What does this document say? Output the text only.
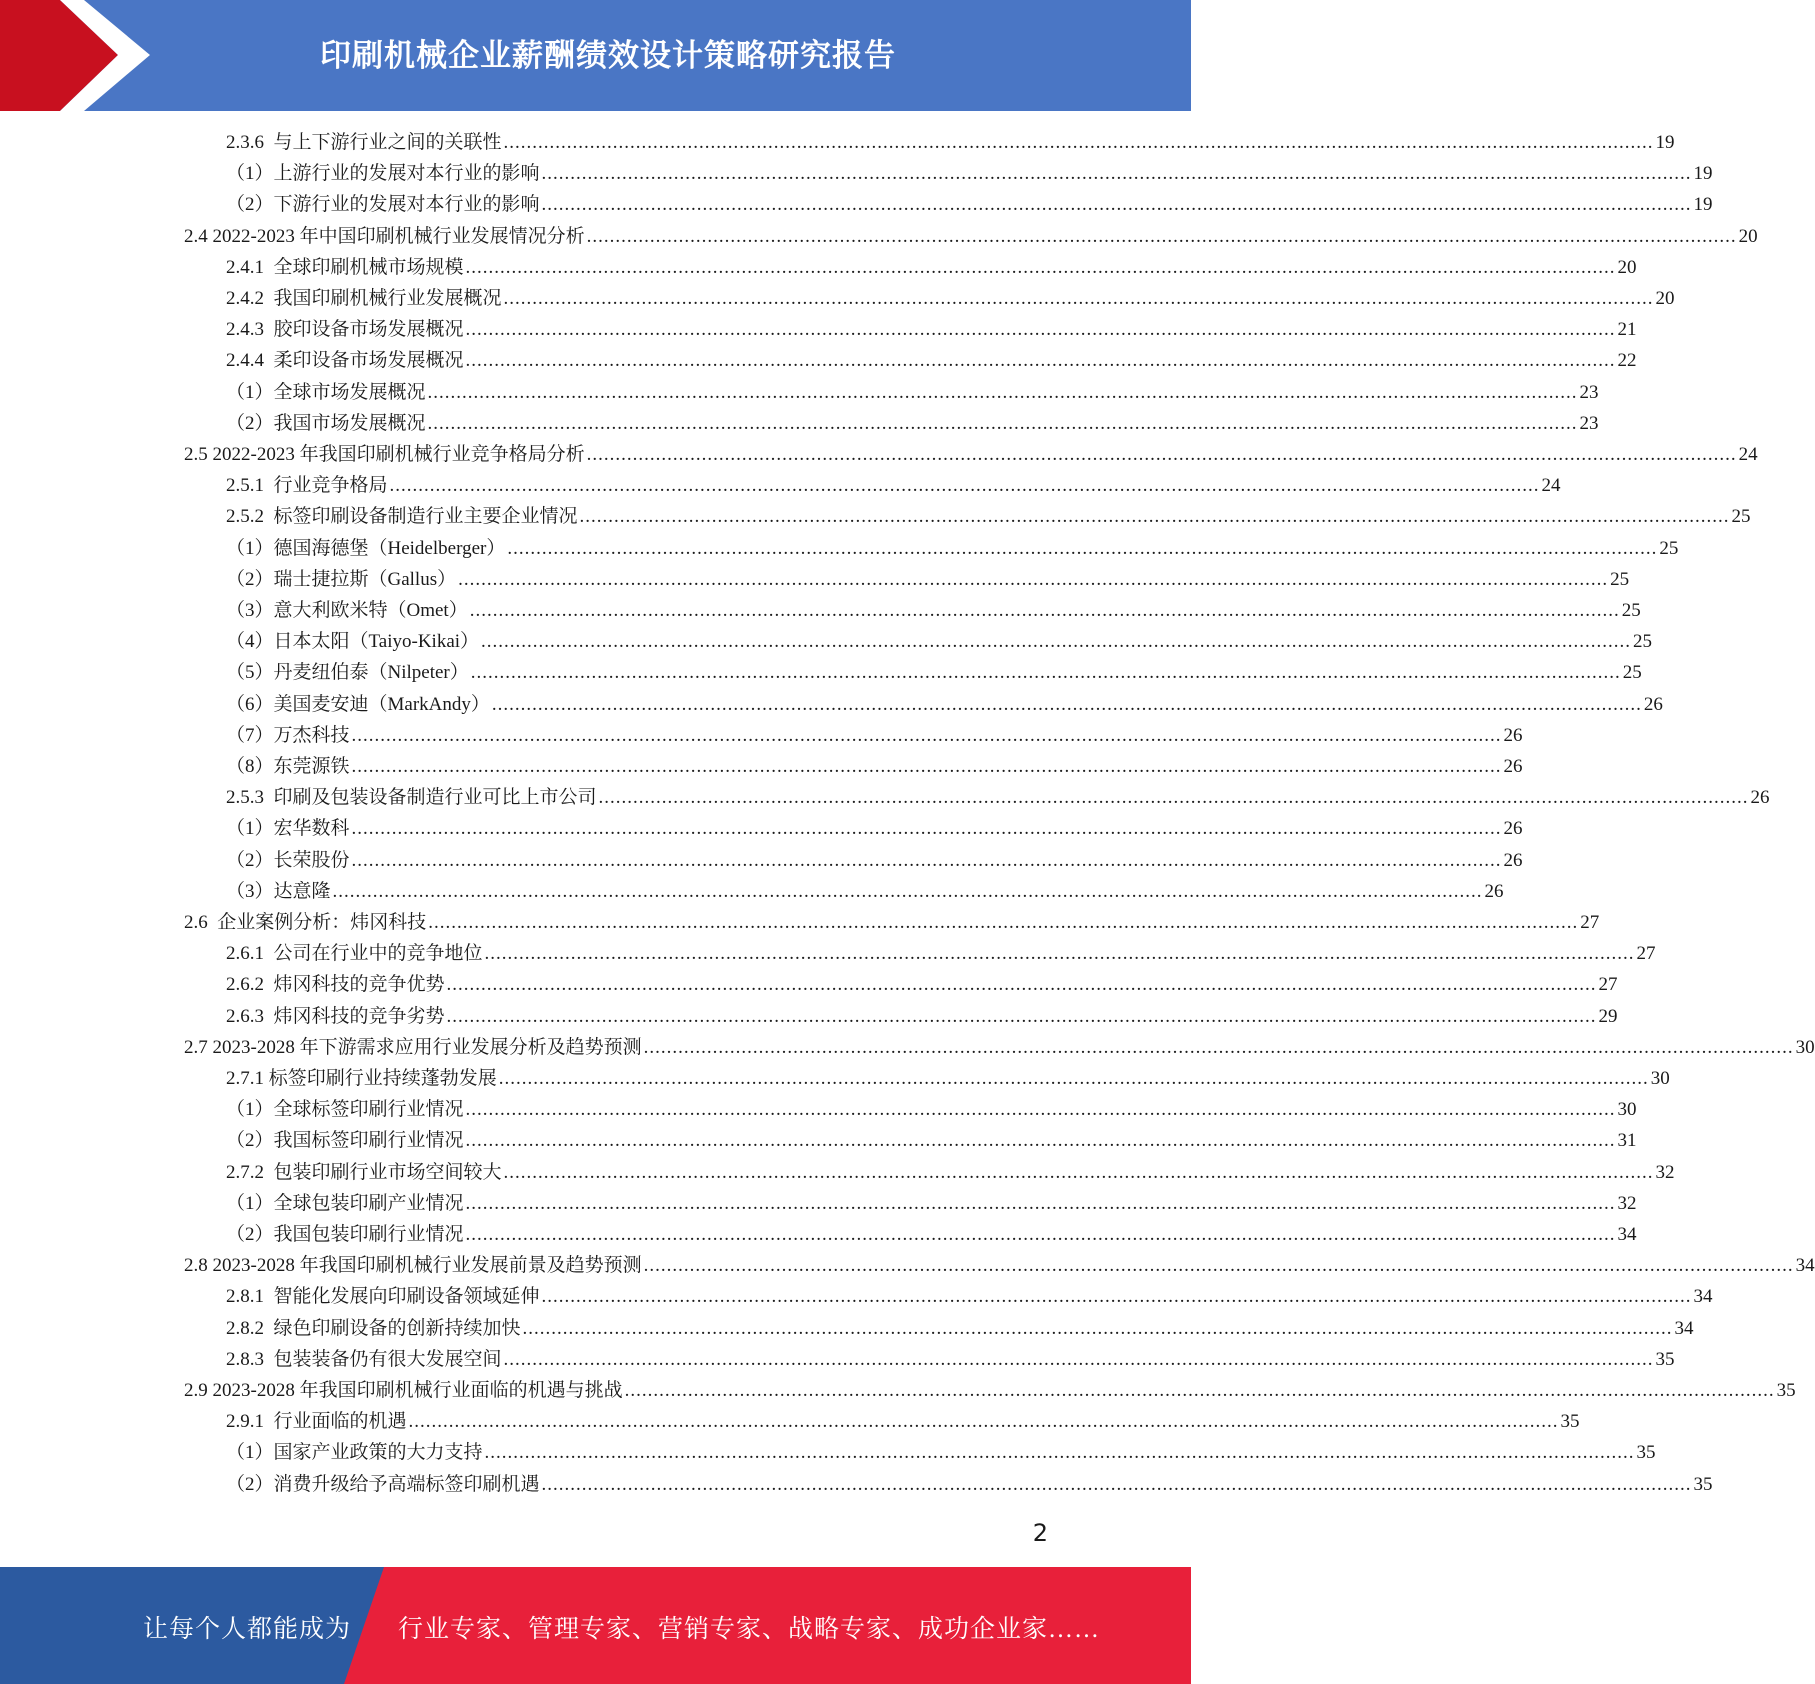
印刷机械企业薪酬绩效设计策略研究报告
2.3.6  与上下游行业之间的关联性 ........................................................................................................................................................................................................ 19
（1）上游行业的发展对本行业的影响 ........................................................................................................................................................................................................ 19
（2）下游行业的发展对本行业的影响 ........................................................................................................................................................................................................ 19
2.4 2022-2023 年中国印刷机械行业发展情况分析 ........................................................................................................................................................................................................ 20
2.4.1  全球印刷机械市场规模 ........................................................................................................................................................................................................ 20
2.4.2  我国印刷机械行业发展概况 ........................................................................................................................................................................................................ 20
2.4.3  胶印设备市场发展概况 ........................................................................................................................................................................................................ 21
2.4.4  柔印设备市场发展概况 ........................................................................................................................................................................................................ 22
（1）全球市场发展概况 ........................................................................................................................................................................................................ 23
（2）我国市场发展概况 ........................................................................................................................................................................................................ 23
2.5 2022-2023 年我国印刷机械行业竞争格局分析 ........................................................................................................................................................................................................ 24
2.5.1  行业竞争格局 ........................................................................................................................................................................................................ 24
2.5.2  标签印刷设备制造行业主要企业情况 ........................................................................................................................................................................................................ 25
（1）德国海德堡（Heidelberger） ........................................................................................................................................................................................................ 25
（2）瑞士捷拉斯（Gallus） ........................................................................................................................................................................................................ 25
（3）意大利欧米特（Omet） ........................................................................................................................................................................................................ 25
（4）日本太阳（Taiyo-Kikai） ........................................................................................................................................................................................................ 25
（5）丹麦纽伯泰（Nilpeter） ........................................................................................................................................................................................................ 25
（6）美国麦安迪（MarkAndy） ........................................................................................................................................................................................................ 26
（7）万杰科技 ........................................................................................................................................................................................................ 26
（8）东莞源铁 ........................................................................................................................................................................................................ 26
2.5.3  印刷及包装设备制造行业可比上市公司 ........................................................................................................................................................................................................ 26
（1）宏华数科 ........................................................................................................................................................................................................ 26
（2）长荣股份 ........................................................................................................................................................................................................ 26
（3）达意隆 ........................................................................................................................................................................................................ 26
2.6  企业案例分析：炜冈科技 ........................................................................................................................................................................................................ 27
2.6.1  公司在行业中的竞争地位 ........................................................................................................................................................................................................ 27
2.6.2  炜冈科技的竞争优势 ........................................................................................................................................................................................................ 27
2.6.3  炜冈科技的竞争劣势 ........................................................................................................................................................................................................ 29
2.7 2023-2028 年下游需求应用行业发展分析及趋势预测 ........................................................................................................................................................................................................ 30
2.7.1 标签印刷行业持续蓬勃发展 ........................................................................................................................................................................................................ 30
（1）全球标签印刷行业情况 ........................................................................................................................................................................................................ 30
（2）我国标签印刷行业情况 ........................................................................................................................................................................................................ 31
2.7.2  包装印刷行业市场空间较大 ........................................................................................................................................................................................................ 32
（1）全球包装印刷产业情况 ........................................................................................................................................................................................................ 32
（2）我国包装印刷行业情况 ........................................................................................................................................................................................................ 34
2.8 2023-2028 年我国印刷机械行业发展前景及趋势预测 ........................................................................................................................................................................................................ 34
2.8.1  智能化发展向印刷设备领域延伸 ........................................................................................................................................................................................................ 34
2.8.2  绿色印刷设备的创新持续加快 ........................................................................................................................................................................................................ 34
2.8.3  包装装备仍有很大发展空间 ........................................................................................................................................................................................................ 35
2.9 2023-2028 年我国印刷机械行业面临的机遇与挑战 ........................................................................................................................................................................................................ 35
2.9.1  行业面临的机遇 ........................................................................................................................................................................................................ 35
（1）国家产业政策的大力支持 ........................................................................................................................................................................................................ 35
（2）消费升级给予高端标签印刷机遇 ........................................................................................................................................................................................................ 35
2
让每个人都能成为 行业专家、管理专家、营销专家、战略专家、成功企业家……
